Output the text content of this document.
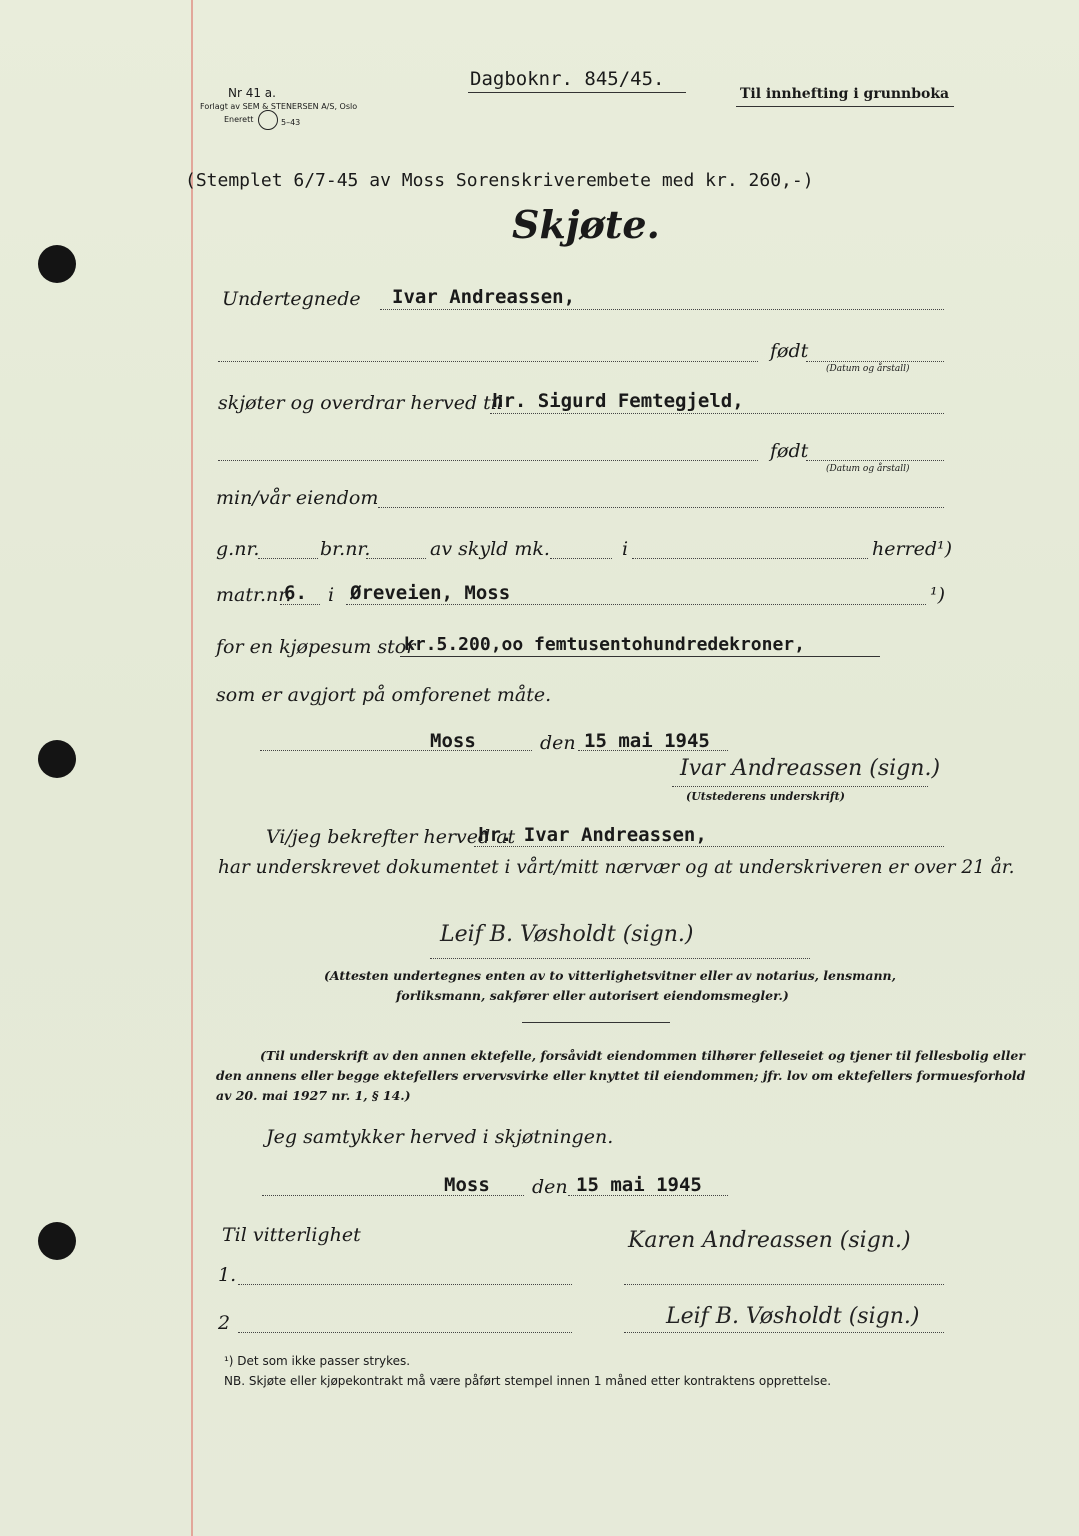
Nr 41 a.
Forlagt av SEM & STENERSEN A/S, Oslo
Enerett	5–43
Dagboknr. 845/45.
Til innhefting i grunnboka
(Stemplet 6/7-45 av Moss Sorenskriverembete med kr. 260,-)
Skjøte.
Undertegnede Ivar Andreassen,
født
(Datum og årstall)
skjøter og overdrar herved til
hr. Sigurd Femtegjeld,
født
(Datum og årstall)
min/vår eiendom
g.nr.	br.nr.	av skyld mk.	i	herred¹)
matr.nr.
6. i Øreveien, Moss	¹)
for en kjøpesum stor
kr.5.200,oo femtusentohundredekroner,
som er avgjort på omforenet måte.
Moss	den 15 mai 1945
Ivar Andreassen (sign.)
(Utstederens underskrift)
Vi/jeg bekrefter herved at
hr. Ivar Andreassen,
har underskrevet dokumentet i vårt/mitt nærvær og at underskriveren er over 21 år.
Leif B. Vøsholdt (sign.)
(Attesten undertegnes enten av to vitterlighetsvitner eller av notarius, lensmann,
forliksmann, sakfører eller autorisert eiendomsmegler.)
(Til underskrift av den annen ektefelle, forsåvidt eiendommen tilhører felleseiet og tjener til fellesbolig eller
den annens eller begge ektefellers ervervsvirke eller knyttet til eiendommen; jfr. lov om ektefellers formuesforhold
av 20. mai 1927 nr. 1, § 14.)
Jeg samtykker herved i skjøtningen.
Moss den 15 mai 1945
Til vitterlighet	Karen Andreassen (sign.)
1.
2	Leif B. Vøsholdt (sign.)
¹) Det som ikke passer strykes.
NB. Skjøte eller kjøpekontrakt må være påført stempel innen 1 måned etter kontraktens opprettelse.
